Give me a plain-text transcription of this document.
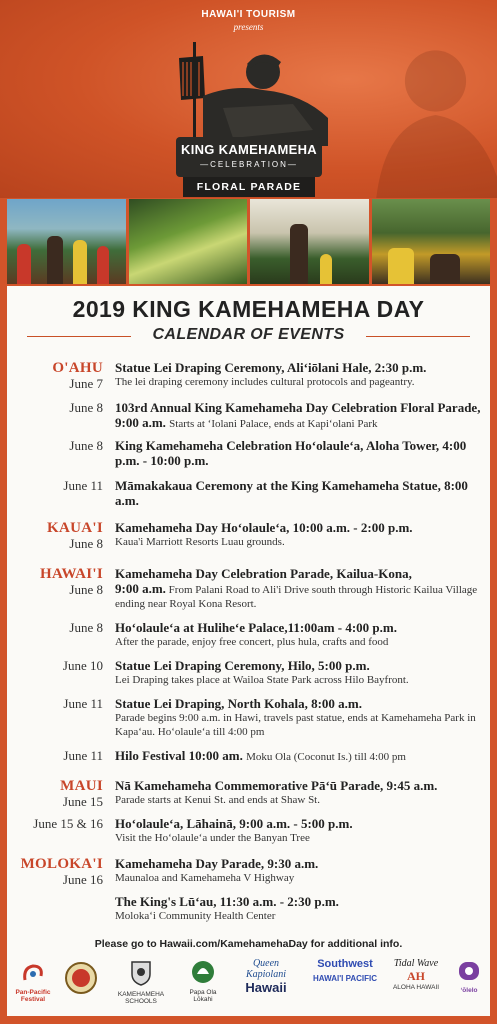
HAWAI'I TOURISM
presents
KING KAMEHAMEHA
—CELEBRATION—
FLORAL PARADE
2019 KING KAMEHAMEHA DAY
CALENDAR OF EVENTS
O'AHU
June 7
Statue Lei Draping Ceremony, Aliʻiōlani Hale, 2:30 p.m.
The lei draping ceremony includes cultural protocols and pageantry.
June 8 103rd Annual King Kamehameha Day Celebration Floral Parade, 9:00 a.m. Starts at ʻIolani Palace, ends at Kapiʻolani Park
June 8 King Kamehameha Celebration Hoʻolauleʻa, Aloha Tower, 4:00 p.m. - 10:00 p.m.
June 11 Māmakakaua Ceremony at the King Kamehameha Statue, 8:00 a.m.
KAUA'I
June 8
Kamehameha Day Hoʻolauleʻa, 10:00 a.m. - 2:00 p.m.
Kaua'i Marriott Resorts Luau grounds.
HAWAI'I
June 8
Kamehameha Day Celebration Parade, Kailua-Kona,
9:00 a.m. From Palani Road to Ali'i Drive south through Historic Kailua Village ending near Royal Kona Resort.
June 8 Hoʻolauleʻa at Huliheʻe Palace,11:00am - 4:00 p.m.
After the parade, enjoy free concert, plus hula, crafts and food
June 10 Statue Lei Draping Ceremony, Hilo, 5:00 p.m.
Lei Draping takes place at Wailoa State Park across Hilo Bayfront.
June 11 Statue Lei Draping, North Kohala, 8:00 a.m.
Parade begins 9:00 a.m. in Hawi, travels past statue, ends at Kamehameha Park in Kapaʻau. Hoʻolauleʻa till 4:00 pm
June 11 Hilo Festival 10:00 am. Moku Ola (Coconut Is.) till 4:00 pm
MAUI
June 15
Nā Kamehameha Commemorative Pāʻū Parade, 9:45 a.m.
Parade starts at Kenui St. and ends at Shaw St.
June 15 & 16 Hoʻolauleʻa, Lāhainā, 9:00 a.m. - 5:00 p.m.
Visit the Hoʻolauleʻa under the Banyan Tree
MOLOKA'I
June 16
Kamehameha Day Parade, 9:30 a.m.
Maunaloa and Kamehameha V Highway
The King's Lūʻau, 11:30 a.m. - 2:30 p.m.
Molokaʻi Community Health Center
Please go to Hawaii.com/KamehamehaDay for additional info.
Pan-Pacific Festival
KAMEHAMEHA SCHOOLS
Papa Ola Lōkahi
Queen Kapiolani
Hawaii
Southwest
HAWAI'I PACIFIC
Tidal Wave
AH
ALOHA HAWAII	ʻōlelo
